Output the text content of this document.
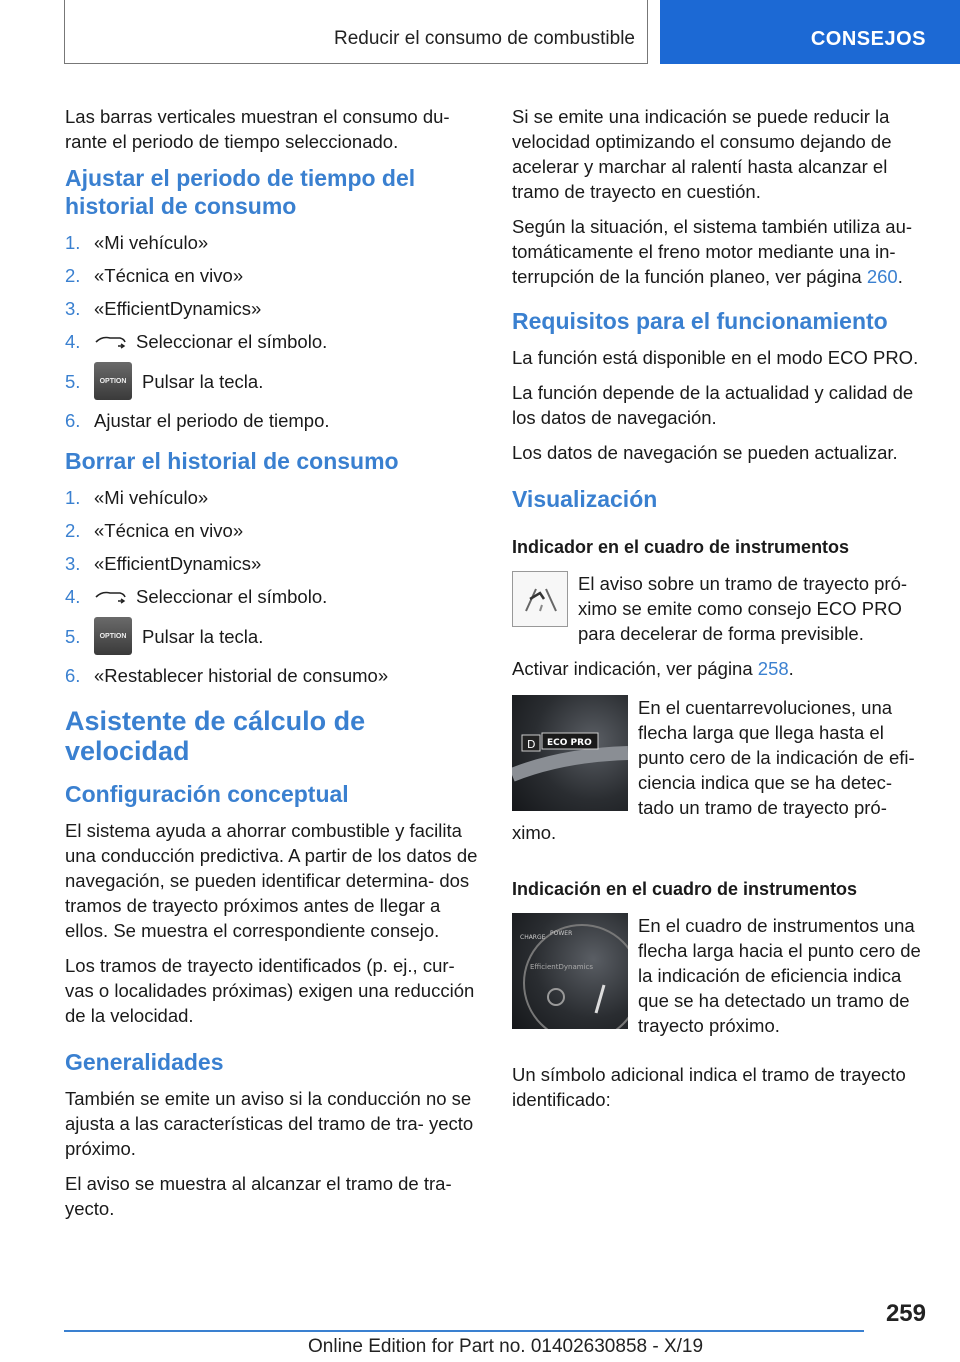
Reducir el consumo de combustible	CONSEJOS

Las barras verticales muestran el consumo du- rante el periodo de tiempo seleccionado.

Ajustar el periodo de tiempo del historial de consumo
1. «Mi vehículo»
2. «Técnica en vivo»
3. «EfficientDynamics»
4.	Seleccionar el símbolo.
5.	OPTION Pulsar la tecla.
6. Ajustar el periodo de tiempo.
Borrar el historial de consumo
1. «Mi vehículo»
2. «Técnica en vivo»
3. «EfficientDynamics»
4.	Seleccionar el símbolo.
5.	OPTION Pulsar la tecla.
6. «Restablecer historial de consumo»
Asistente de cálculo de velocidad
Configuración conceptual

El sistema ayuda a ahorrar combustible y facilita una conducción predictiva. A partir de los datos de navegación, se pueden identificar determina- dos tramos de trayecto próximos antes de llegar a ellos. Se muestra el correspondiente consejo.

Los tramos de trayecto identificados (p. ej., cur- vas o localidades próximas) exigen una reducción de la velocidad.

Generalidades

También se emite un aviso si la conducción no se ajusta a las características del tramo de tra- yecto próximo.

El aviso se muestra al alcanzar el tramo de tra- yecto.

Si se emite una indicación se puede reducir la velocidad optimizando el consumo dejando de acelerar y marchar al ralentí hasta alcanzar el tramo de trayecto en cuestión.

Según la situación, el sistema también utiliza au- tomáticamente el freno motor mediante una in- terrupción de la función planeo, ver página 260.

Requisitos para el funcionamiento

La función está disponible en el modo ECO PRO.

La función depende de la actualidad y calidad de los datos de navegación.

Los datos de navegación se pueden actualizar.

Visualización
Indicador en el cuadro de instrumentos

El aviso sobre un tramo de trayecto pró- ximo se emite como consejo ECO PRO para decelerar de forma previsible.

Activar indicación, ver página 258.

D ECO PRO

En el cuentarrevoluciones, una flecha larga que llega hasta el punto cero de la indicación de efi- ciencia indica que se ha detec- tado un tramo de trayecto pró- ximo.

Indicación en el cuadro de instrumentos
CHARGE
POWER
EfficientDynamics

En el cuadro de instrumentos una flecha larga hacia el punto cero de la indicación de eficiencia indica que se ha detectado un tramo de trayecto próximo.

Un símbolo adicional indica el tramo de trayecto identificado:

259
Online Edition for Part no. 01402630858 - X/19
